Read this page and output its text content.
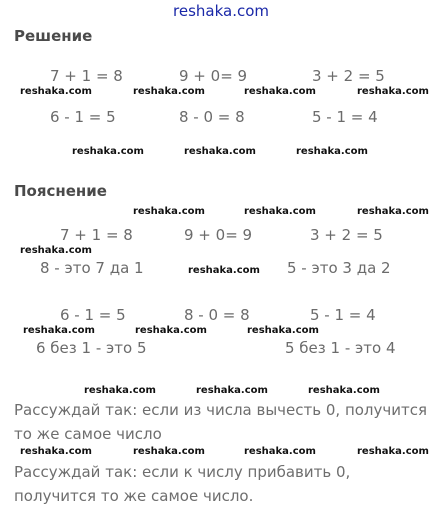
reshaka.com
Решение
7 + 1 = 8	9 + 0= 9	3 + 2 = 5
reshaka.com	reshaka.com	reshaka.com	reshaka.com
6 - 1 = 5	8 - 0 = 8	5 - 1 = 4
reshaka.com	reshaka.com	reshaka.com
Пояснение
reshaka.com	reshaka.com	reshaka.com
7 + 1 = 8	9 + 0= 9	3 + 2 = 5
reshaka.com
8 - это 7 да 1	reshaka.com 5 - это 3 да 2
6 - 1 = 5	8 - 0 = 8	5 - 1 = 4
reshaka.com	reshaka.com	reshaka.com
6 без 1 - это 5	5 без 1 - это 4
reshaka.com	reshaka.com	reshaka.com
Рассуждай так: если из числа вычесть 0, получится то же самое число
reshaka.com	reshaka.com	reshaka.com	reshaka.com
Рассуждай так: если к числу прибавить 0, получится то же самое число.
